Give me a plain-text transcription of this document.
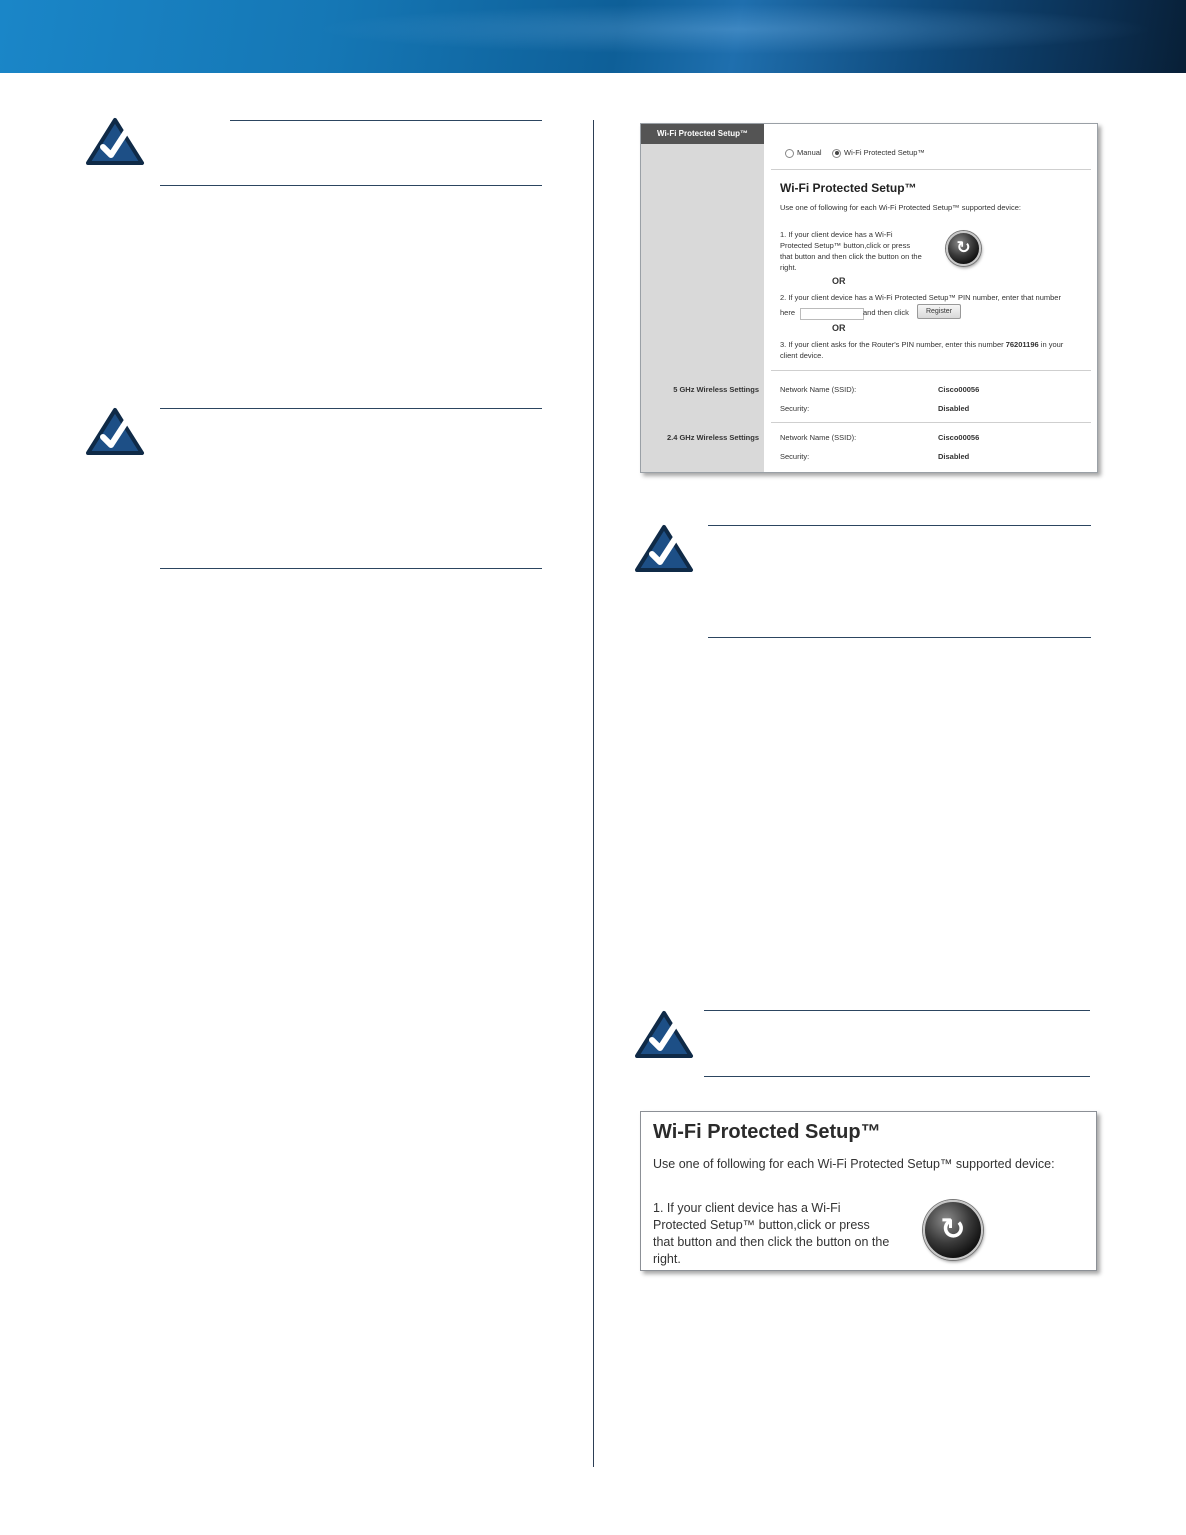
Wi-Fi Protected Setup™
5 GHz Wireless Settings
2.4 GHz Wireless Settings
Manual	Wi-Fi Protected Setup™
Wi-Fi Protected Setup™
Use one of following for each Wi-Fi Protected Setup™ supported device:
1. If your client device has a Wi-Fi
Protected Setup™ button,click or press
that button and then click the button on the
right.
↻
OR
2. If your client device has a Wi-Fi Protected Setup™ PIN number, enter that number
here	and then click	Register
OR
3. If your client asks for the Router's PIN number, enter this number 76201196 in your
client device.
Network Name (SSID):	Cisco00056
Security:	Disabled
Network Name (SSID):	Cisco00056
Security:	Disabled
Wi-Fi Protected Setup™
Use one of following for each Wi-Fi Protected Setup™ supported device:
1. If your client device has a Wi-Fi
Protected Setup™ button,click or press
that button and then click the button on the
right.
↻
